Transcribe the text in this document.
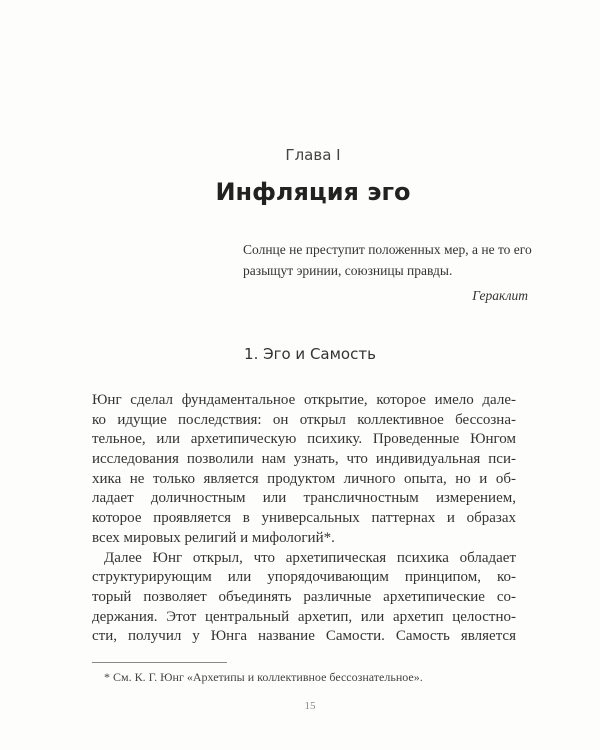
Глава I
Инфляция эго
Солнце не преступит положенных мер, а не то его
разыщут эринии, союзницы правды.
Гераклит
1. Эго и Самость
Юнг сделал фундаментальное открытие, которое имело дале-
ко идущие последствия: он открыл коллективное бессозна-
тельное, или архетипическую психику. Проведенные Юнгом
исследования позволили нам узнать, что индивидуальная пси-
хика не только является продуктом личного опыта, но и об-
ладает доличностным или трансличностным измерением,
которое проявляется в универсальных паттернах и образах
всех мировых религий и мифологий*.
Далее Юнг открыл, что архетипическая психика обладает
структурирующим или упорядочивающим принципом, ко-
торый позволяет объединять различные архетипические со-
держания. Этот центральный архетип, или архетип целостно-
сти, получил у Юнга название Самости. Самость является
* См. К. Г. Юнг «Архетипы и коллективное бессознательное».
15
